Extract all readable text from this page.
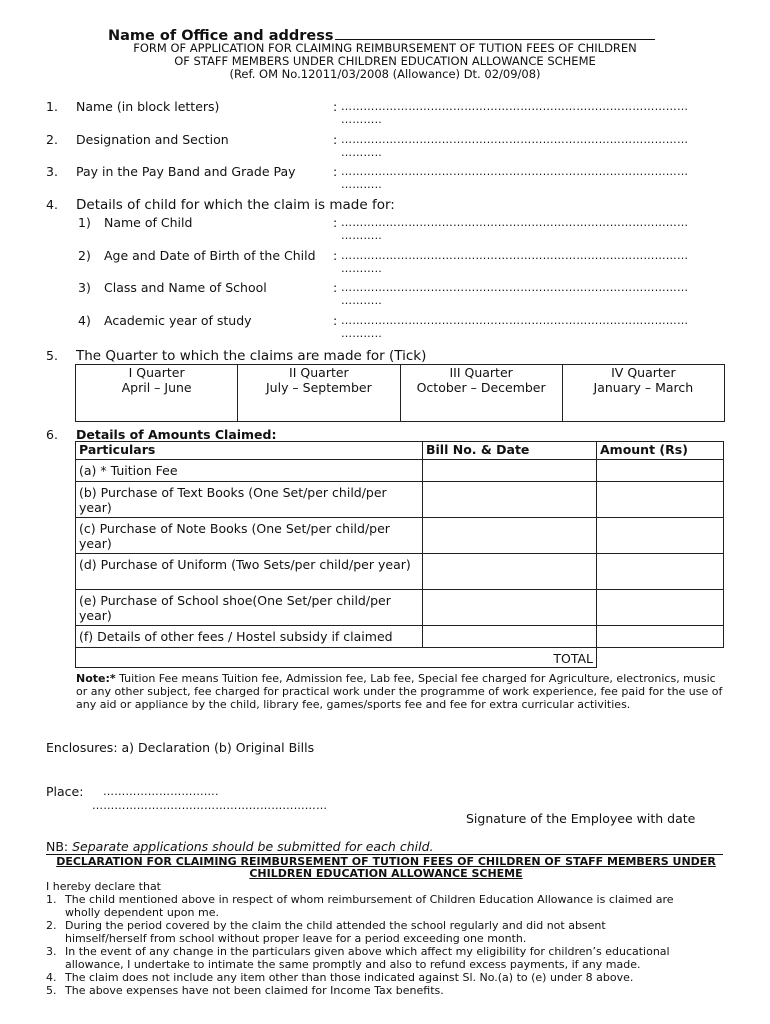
Name of Office and address
FORM OF APPLICATION FOR CLAIMING REIMBURSEMENT OF TUTION FEES OF CHILDREN
OF STAFF MEMBERS UNDER CHILDREN EDUCATION ALLOWANCE SCHEME
(Ref. OM No.12011/03/2008 (Allowance) Dt. 02/09/08)
1. Name (in block letters)	: …………………………………………………………………………………
………..
2. Designation and Section	: …………………………………………………………………………………
………..
3. Pay in the Pay Band and Grade Pay	: …………………………………………………………………………………
………..
4. Details of child for which the claim is made for:
1) Name of Child	: …………………………………………………………………………………
………..
2) Age and Date of Birth of the Child : …………………………………………………………………………………
………..
3) Class and Name of School	: …………………………………………………………………………………
………..
4) Academic year of study	: …………………………………………………………………………………
………..
5. The Quarter to which the claims are made for (Tick)
I Quarter
April – June

II Quarter
July – September

III Quarter
October – December

IV Quarter
January – March
6. Details of Amounts Claimed:
Particulars	Bill No. & Date	Amount (Rs)
(a) * Tuition Fee		
(b) Purchase of Text Books (One Set/per child/per year)		
(c) Purchase of Note Books (One Set/per child/per year)		
(d) Purchase of Uniform (Two Sets/per child/per year)		
(e) Purchase of School shoe(One Set/per child/per year)		
(f) Details of other fees / Hostel subsidy if claimed		
TOTAL		
Note:* Tuition Fee means Tuition fee, Admission fee, Lab fee, Special fee charged for Agriculture, electronics, music or any other subject, fee charged for practical work under the programme of work experience, fee paid for the use of any aid or appliance by the child, library fee, games/sports fee and fee for extra curricular activities.
Enclosures: a) Declaration (b) Original Bills
Place: ………………………….
………………………………………………………
Signature of the Employee with date
NB: Separate applications should be submitted for each child.
DECLARATION FOR CLAIMING REIMBURSEMENT OF TUTION FEES OF CHILDREN OF STAFF MEMBERS UNDER CHILDREN EDUCATION ALLOWANCE SCHEME
I hereby declare that
1. The child mentioned above in respect of whom reimbursement of Children Education Allowance is claimed are
wholly dependent upon me.
2. During the period covered by the claim the child attended the school regularly and did not absent
himself/herself from school without proper leave for a period exceeding one month.
3. In the event of any change in the particulars given above which affect my eligibility for children’s educational
allowance, I undertake to intimate the same promptly and also to refund excess payments, if any made.
4. The claim does not include any item other than those indicated against Sl. No.(a) to (e) under 8 above.
5. The above expenses have not been claimed for Income Tax benefits.
